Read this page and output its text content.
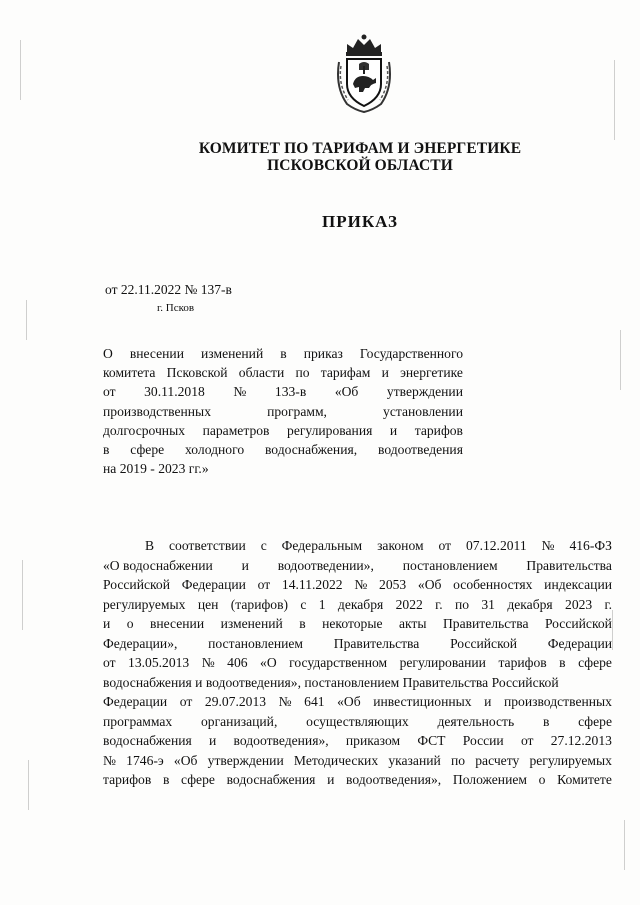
КОМИТЕТ ПО ТАРИФАМ И ЭНЕРГЕТИКЕ
ПСКОВСКОЙ ОБЛАСТИ
ПРИКАЗ
от 22.11.2022 № 137-в
г. Псков
О внесении изменений в приказ Государственного
комитета Псковской области по тарифам и энергетике
от 30.11.2018 № 133-в «Об утверждении
производственных	программ,	установлении
долгосрочных параметров регулирования и тарифов
в сфере холодного водоснабжения, водоотведения
на 2019 - 2023 гг.»
В соответствии с Федеральным законом от 07.12.2011 № 416-ФЗ
«О водоснабжении и водоотведении», постановлением Правительства
Российской Федерации от 14.11.2022 № 2053 «Об особенностях индексации
регулируемых цен (тарифов) с 1 декабря 2022 г. по 31 декабря 2023 г.
и о внесении изменений в некоторые акты Правительства Российской
Федерации», постановлением Правительства Российской Федерации
от 13.05.2013 № 406 «О государственном регулировании тарифов в сфере
водоснабжения и водоотведения», постановлением Правительства Российской
Федерации от 29.07.2013 № 641 «Об инвестиционных и производственных
программах организаций, осуществляющих деятельность в сфере
водоснабжения и водоотведения», приказом ФСТ России от 27.12.2013
№ 1746-э «Об утверждении Методических указаний по расчету регулируемых
тарифов в сфере водоснабжения и водоотведения», Положением о Комитете
